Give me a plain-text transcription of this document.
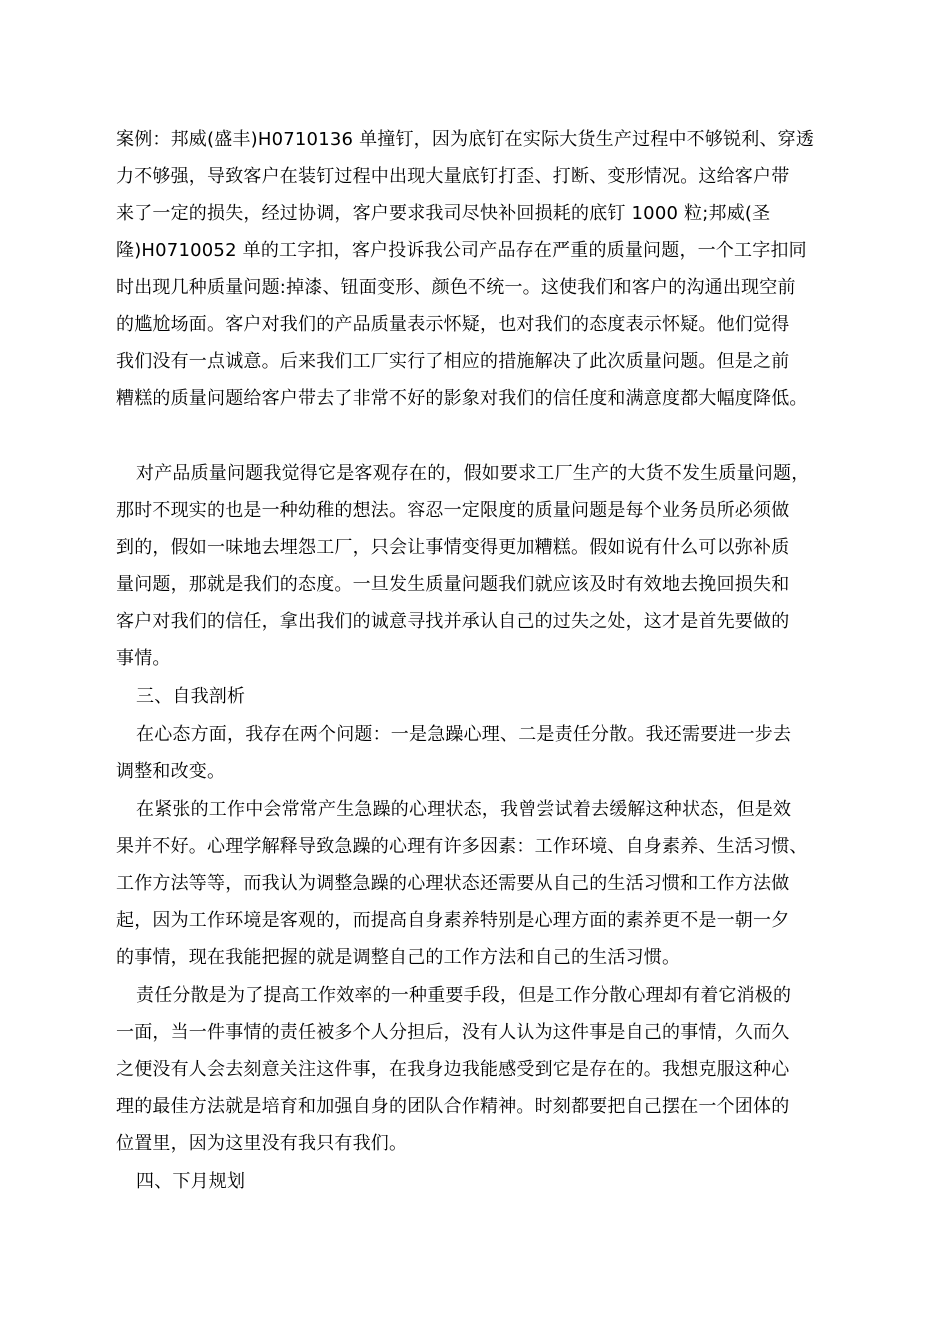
案例：邦威(盛丰)H0710136 单撞钉，因为底钉在实际大货生产过程中不够锐利、穿透
力不够强，导致客户在装钉过程中出现大量底钉打歪、打断、变形情况。这给客户带
来了一定的损失，经过协调，客户要求我司尽快补回损耗的底钉 1000 粒;邦威(圣
隆)H0710052 单的工字扣，客户投诉我公司产品存在严重的质量问题，一个工字扣同
时出现几种质量问题:掉漆、钮面变形、颜色不统一。这使我们和客户的沟通出现空前
的尴尬场面。客户对我们的产品质量表示怀疑，也对我们的态度表示怀疑。他们觉得
我们没有一点诚意。后来我们工厂实行了相应的措施解决了此次质量问题。但是之前
糟糕的质量问题给客户带去了非常不好的影象对我们的信任度和满意度都大幅度降低。
对产品质量问题我觉得它是客观存在的，假如要求工厂生产的大货不发生质量问题，
那时不现实的也是一种幼稚的想法。容忍一定限度的质量问题是每个业务员所必须做
到的，假如一味地去埋怨工厂，只会让事情变得更加糟糕。假如说有什么可以弥补质
量问题，那就是我们的态度。一旦发生质量问题我们就应该及时有效地去挽回损失和
客户对我们的信任，拿出我们的诚意寻找并承认自己的过失之处，这才是首先要做的
事情。
三、自我剖析
在心态方面，我存在两个问题：一是急躁心理、二是责任分散。我还需要进一步去
调整和改变。
在紧张的工作中会常常产生急躁的心理状态，我曾尝试着去缓解这种状态，但是效
果并不好。心理学解释导致急躁的心理有许多因素：工作环境、自身素养、生活习惯、
工作方法等等，而我认为调整急躁的心理状态还需要从自己的生活习惯和工作方法做
起，因为工作环境是客观的，而提高自身素养特别是心理方面的素养更不是一朝一夕
的事情，现在我能把握的就是调整自己的工作方法和自己的生活习惯。
责任分散是为了提高工作效率的一种重要手段，但是工作分散心理却有着它消极的
一面，当一件事情的责任被多个人分担后，没有人认为这件事是自己的事情，久而久
之便没有人会去刻意关注这件事，在我身边我能感受到它是存在的。我想克服这种心
理的最佳方法就是培育和加强自身的团队合作精神。时刻都要把自己摆在一个团体的
位置里，因为这里没有我只有我们。
四、下月规划
